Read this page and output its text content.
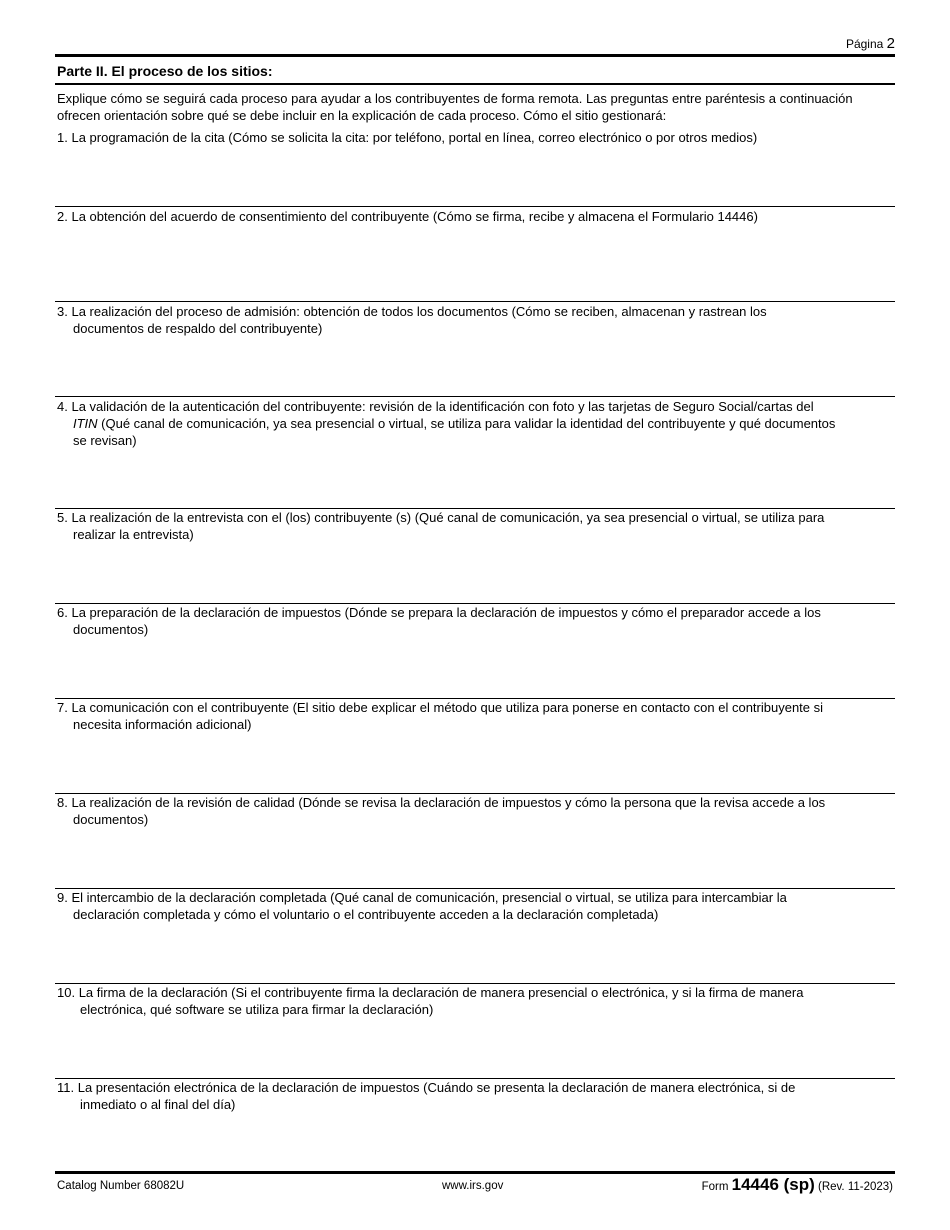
Página 2
Parte II. El proceso de los sitios:
Explique cómo se seguirá cada proceso para ayudar a los contribuyentes de forma remota. Las preguntas entre paréntesis a continuación ofrecen orientación sobre qué se debe incluir en la explicación de cada proceso. Cómo el sitio gestionará:
1. La programación de la cita (Cómo se solicita la cita: por teléfono, portal en línea, correo electrónico o por otros medios)
2. La obtención del acuerdo de consentimiento del contribuyente (Cómo se firma, recibe y almacena el Formulario 14446)
3. La realización del proceso de admisión: obtención de todos los documentos (Cómo se reciben, almacenan y rastrean los
documentos de respaldo del contribuyente)
4. La validación de la autenticación del contribuyente: revisión de la identificación con foto y las tarjetas de Seguro Social/cartas del
ITIN (Qué canal de comunicación, ya sea presencial o virtual, se utiliza para validar la identidad del contribuyente y qué documentos
se revisan)
5. La realización de la entrevista con el (los) contribuyente (s) (Qué canal de comunicación, ya sea presencial o virtual, se utiliza para
realizar la entrevista)
6. La preparación de la declaración de impuestos (Dónde se prepara la declaración de impuestos y cómo el preparador accede a los
documentos)
7. La comunicación con el contribuyente (El sitio debe explicar el método que utiliza para ponerse en contacto con el contribuyente si
necesita información adicional)
8. La realización de la revisión de calidad (Dónde se revisa la declaración de impuestos y cómo la persona que la revisa accede a los
documentos)
9. El intercambio de la declaración completada (Qué canal de comunicación, presencial o virtual, se utiliza para intercambiar la
declaración completada y cómo el voluntario o el contribuyente acceden a la declaración completada)
10. La firma de la declaración (Si el contribuyente firma la declaración de manera presencial o electrónica, y si la firma de manera
electrónica, qué software se utiliza para firmar la declaración)
11. La presentación electrónica de la declaración de impuestos (Cuándo se presenta la declaración de manera electrónica, si de
inmediato o al final del día)
Catalog Number 68082U	www.irs.gov	Form 14446 (sp) (Rev. 11-2023)
